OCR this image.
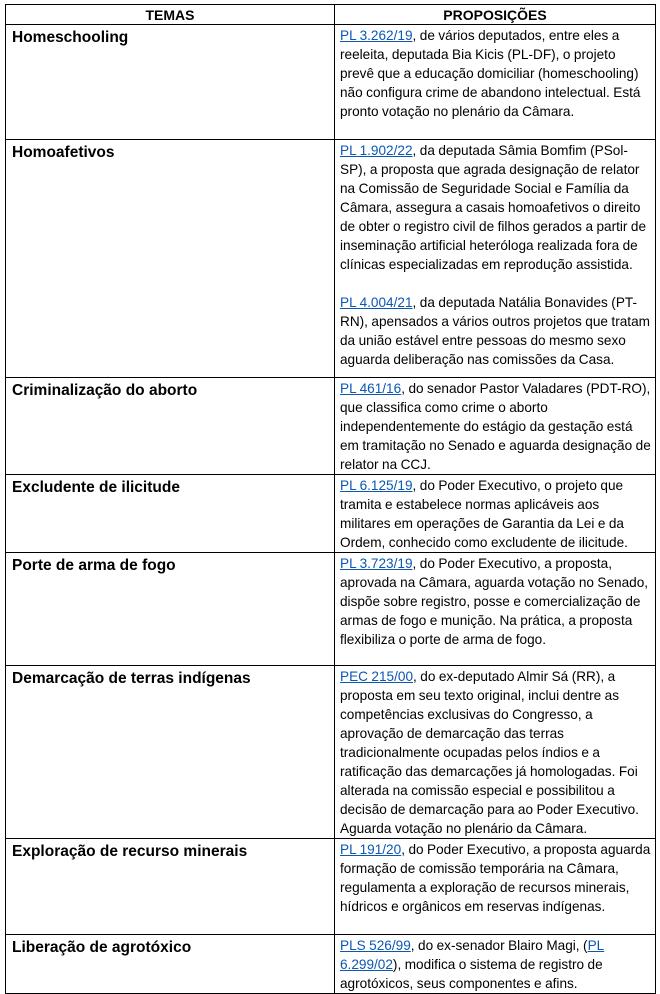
TEMAS	PROPOSIÇÕES
Homeschooling	PL 3.262/19, de vários deputados, entre eles a reeleita, deputada Bia Kicis (PL-DF), o projeto prevê que a educação domiciliar (homeschooling) não configura crime de abandono intelectual. Está pronto votação no plenário da Câmara.

Homoafetivos	PL 1.902/22, da deputada Sâmia Bomfim (PSol-SP), a proposta que agrada designação de relator na Comissão de Seguridade Social e Família da Câmara, assegura a casais homoafetivos o direito de obter o registro civil de filhos gerados a partir de inseminação artificial heteróloga realizada fora de clínicas especializadas em reprodução assistida.

PL 4.004/21, da deputada Natália Bonavides (PT-RN), apensados a vários outros projetos que tratam da união estável entre pessoas do mesmo sexo aguarda deliberação nas comissões da Casa.

Criminalização do aborto	PL 461/16, do senador Pastor Valadares (PDT-RO), que classifica como crime o aborto independentemente do estágio da gestação está em tramitação no Senado e aguarda designação de relator na CCJ.

Excludente de ilicitude	PL 6.125/19, do Poder Executivo, o projeto que tramita e estabelece normas aplicáveis aos militares em operações de Garantia da Lei e da Ordem, conhecido como excludente de ilicitude.

Porte de arma de fogo	PL 3.723/19, do Poder Executivo, a proposta, aprovada na Câmara, aguarda votação no Senado, dispõe sobre registro, posse e comercialização de armas de fogo e munição. Na prática, a proposta flexibiliza o porte de arma de fogo.

Demarcação de terras indígenas	PEC 215/00, do ex-deputado Almir Sá (RR), a proposta em seu texto original, inclui dentre as competências exclusivas do Congresso, a aprovação de demarcação das terras tradicionalmente ocupadas pelos índios e a ratificação das demarcações já homologadas. Foi alterada na comissão especial e possibilitou a decisão de demarcação para ao Poder Executivo. Aguarda votação no plenário da Câmara.

Exploração de recurso minerais	PL 191/20, do Poder Executivo, a proposta aguarda formação de comissão temporária na Câmara, regulamenta a exploração de recursos minerais, hídricos e orgânicos em reservas indígenas.

Liberação de agrotóxico	PLS 526/99, do ex-senador Blairo Magi, (PL 6.299/02), modifica o sistema de registro de agrotóxicos, seus componentes e afins.
